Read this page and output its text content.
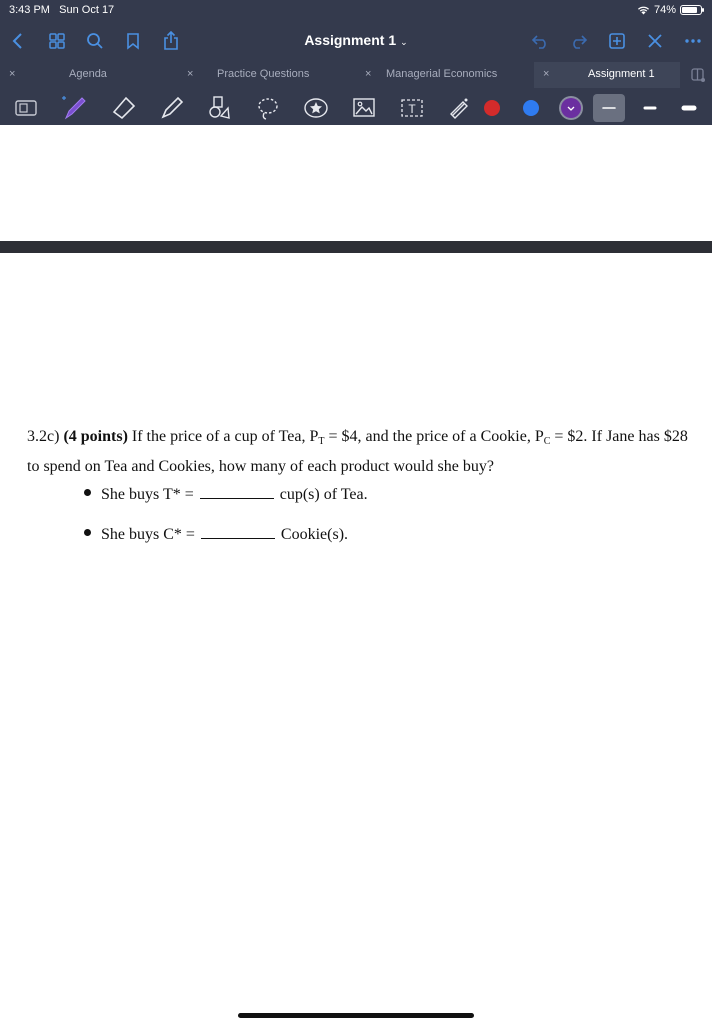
3:43 PM Sun Oct 17	74%
Assignment 1 ⌄
×	Agenda	× Practice Questions	× Managerial Economics	×	Assignment 1
T
3.2c) (4 points) If the price of a cup of Tea, $P_T$ = $4, and the price of a Cookie, $P_C$ = $2. If Jane has $28 to spend on Tea and Cookies, how many of each product would she buy?
She buys T* =	cup(s) of Tea.
She buys C* =	Cookie(s).
